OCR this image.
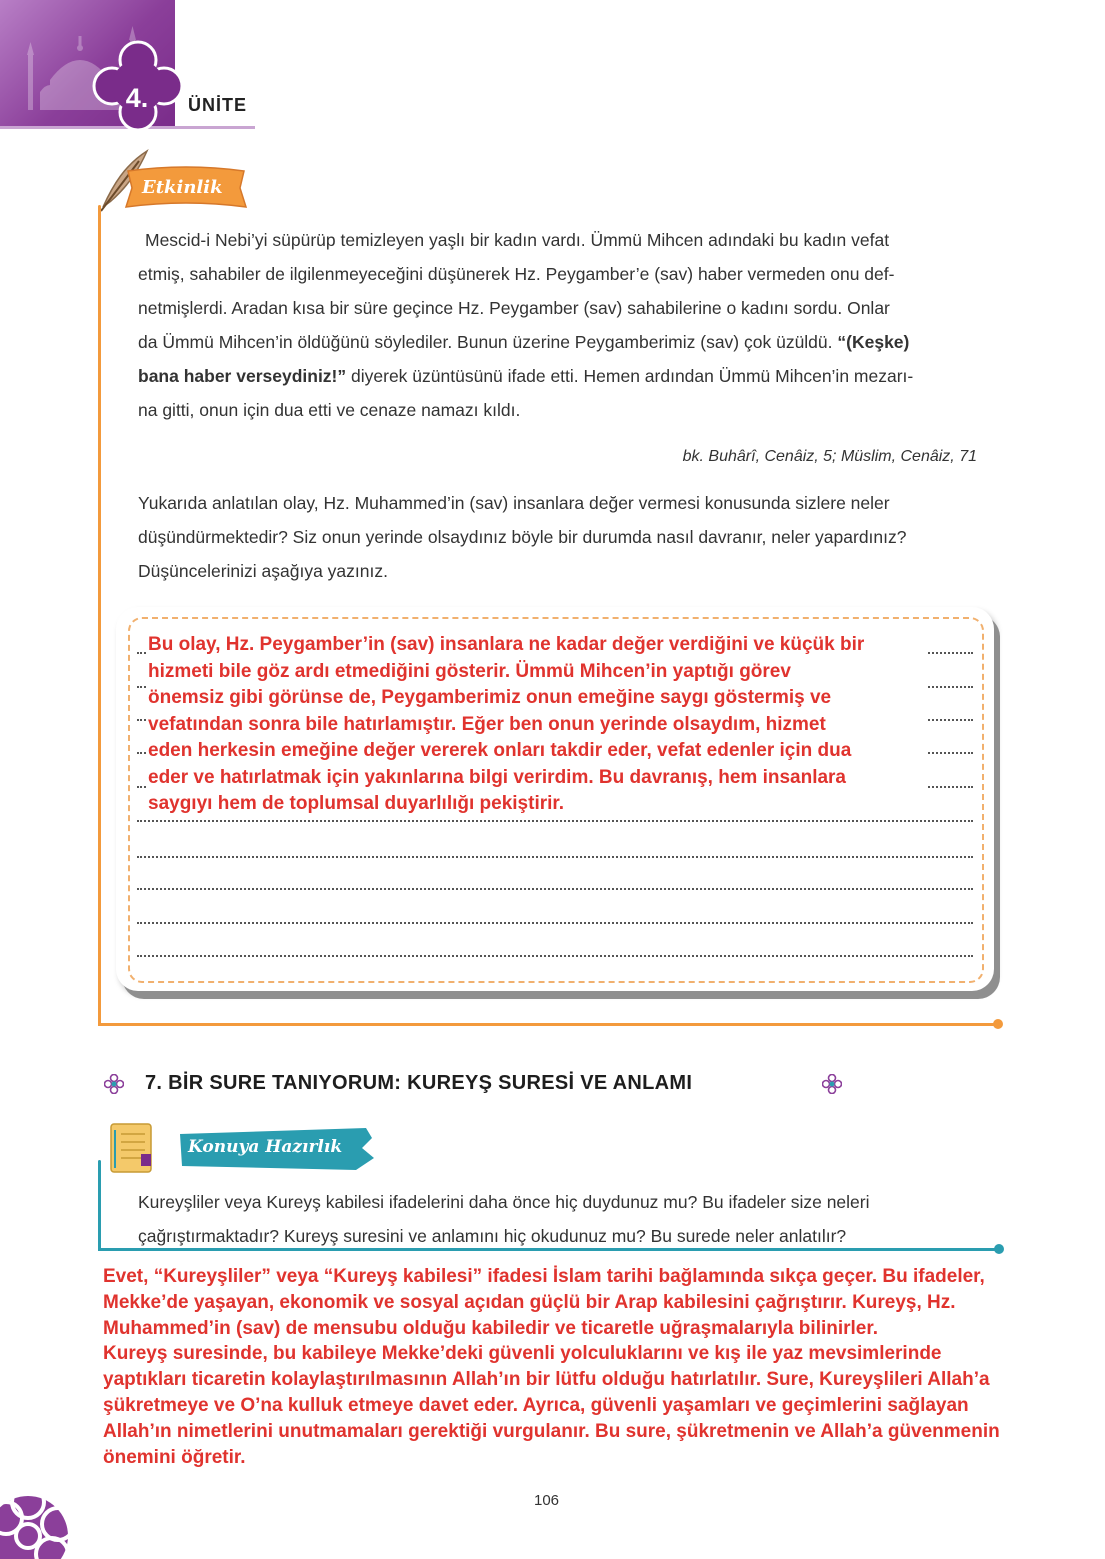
4.	ÜNİTE
Etkinlik
Mescid-i Nebi’yi süpürüp temizleyen yaşlı bir kadın vardı. Ümmü Mihcen adındaki bu kadın vefat
etmiş, sahabiler de ilgilenmeyeceğini düşünerek Hz. Peygamber’e (sav) haber vermeden onu def-
netmişlerdi. Aradan kısa bir süre geçince Hz. Peygamber (sav) sahabilerine o kadını sordu. Onlar
da Ümmü Mihcen’in öldüğünü söylediler. Bunun üzerine Peygamberimiz (sav) çok üzüldü. “(Keşke)
bana haber verseydiniz!” diyerek üzüntüsünü ifade etti. Hemen ardından Ümmü Mihcen’in mezarı-
na gitti, onun için dua etti ve cenaze namazı kıldı.
bk. Buhârî, Cenâiz, 5; Müslim, Cenâiz, 71
Yukarıda anlatılan olay, Hz. Muhammed’in (sav) insanlara değer vermesi konusunda sizlere neler
düşündürmektedir? Siz onun yerinde olsaydınız böyle bir durumda nasıl davranır, neler yapardınız?
Düşüncelerinizi aşağıya yazınız.
Bu olay, Hz. Peygamber’in (sav) insanlara ne kadar değer verdiğini ve küçük bir
hizmeti bile göz ardı etmediğini gösterir. Ümmü Mihcen’in yaptığı görev
önemsiz gibi görünse de, Peygamberimiz onun emeğine saygı göstermiş ve
vefatından sonra bile hatırlamıştır. Eğer ben onun yerinde olsaydım, hizmet
eden herkesin emeğine değer vererek onları takdir eder, vefat edenler için dua
eder ve hatırlatmak için yakınlarına bilgi verirdim. Bu davranış, hem insanlara
saygıyı hem de toplumsal duyarlılığı pekiştirir.
7. BİR SURE TANIYORUM: KUREYŞ SURESİ VE ANLAMI
Konuya Hazırlık
Kureyşliler veya Kureyş kabilesi ifadelerini daha önce hiç duydunuz mu? Bu ifadeler size neleri
çağrıştırmaktadır? Kureyş suresini ve anlamını hiç okudunuz mu? Bu surede neler anlatılır?
Evet, “Kureyşliler” veya “Kureyş kabilesi” ifadesi İslam tarihi bağlamında sıkça geçer. Bu ifadeler,
Mekke’de yaşayan, ekonomik ve sosyal açıdan güçlü bir Arap kabilesini çağrıştırır. Kureyş, Hz.
Muhammed’in (sav) de mensubu olduğu kabiledir ve ticaretle uğraşmalarıyla bilinirler.
Kureyş suresinde, bu kabileye Mekke’deki güvenli yolculuklarını ve kış ile yaz mevsimlerinde
yaptıkları ticaretin kolaylaştırılmasının Allah’ın bir lütfu olduğu hatırlatılır. Sure, Kureyşlileri Allah’a
şükretmeye ve O’na kulluk etmeye davet eder. Ayrıca, güvenli yaşamları ve geçimlerini sağlayan
Allah’ın nimetlerini unutmamaları gerektiği vurgulanır. Bu sure, şükretmenin ve Allah’a güvenmenin
önemini öğretir.
106
